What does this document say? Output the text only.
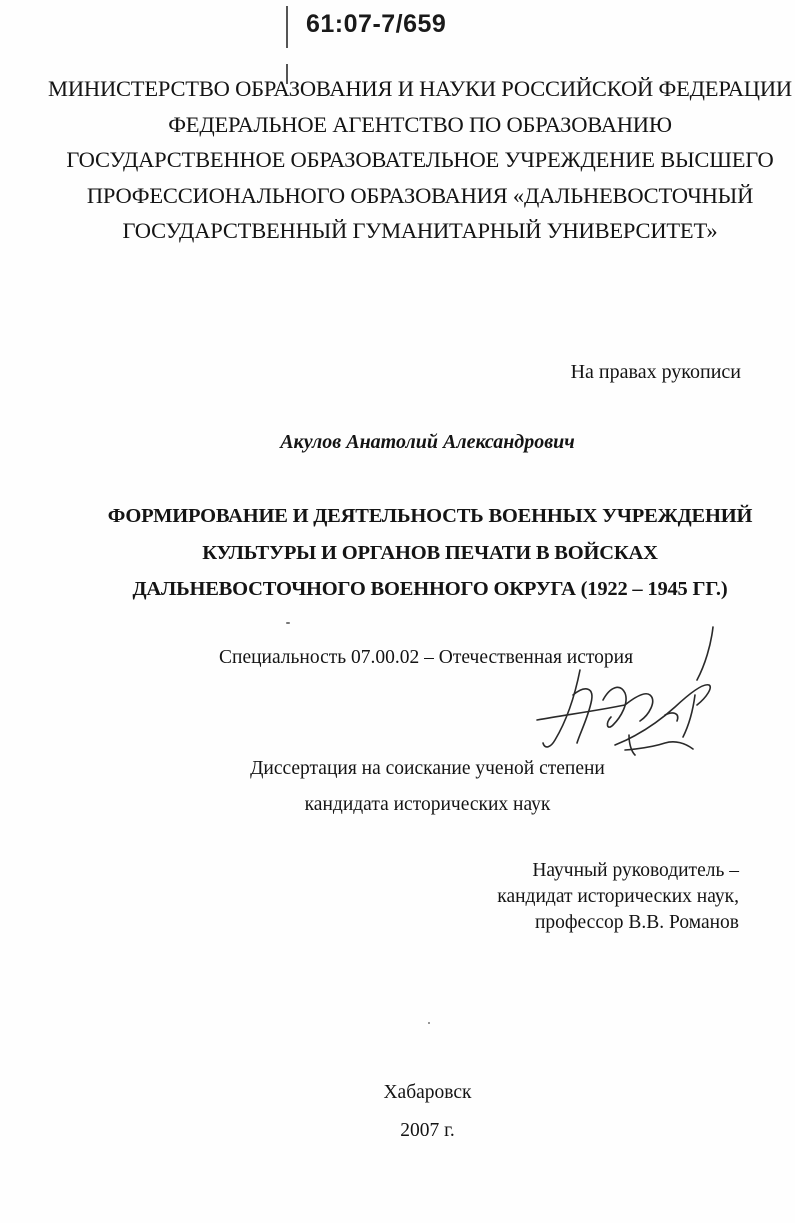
61:07-7/659
МИНИСТЕРСТВО ОБРАЗОВАНИЯ И НАУКИ РОССИЙСКОЙ ФЕДЕРАЦИИ
ФЕДЕРАЛЬНОЕ АГЕНТСТВО ПО ОБРАЗОВАНИЮ
ГОСУДАРСТВЕННОЕ ОБРАЗОВАТЕЛЬНОЕ УЧРЕЖДЕНИЕ ВЫСШЕГО
ПРОФЕССИОНАЛЬНОГО ОБРАЗОВАНИЯ «ДАЛЬНЕВОСТОЧНЫЙ
ГОСУДАРСТВЕННЫЙ ГУМАНИТАРНЫЙ УНИВЕРСИТЕТ»
На правах рукописи
Акулов Анатолий Александрович
ФОРМИРОВАНИЕ И ДЕЯТЕЛЬНОСТЬ ВОЕННЫХ УЧРЕЖДЕНИЙ
КУЛЬТУРЫ И ОРГАНОВ ПЕЧАТИ В ВОЙСКАХ
ДАЛЬНЕВОСТОЧНОГО ВОЕННОГО ОКРУГА (1922 – 1945 ГГ.)
Специальность 07.00.02 – Отечественная история
Диссертация на соискание ученой степени
кандидата исторических наук
Научный руководитель –
кандидат исторических наук,
профессор В.В. Романов
Хабаровск
2007 г.
